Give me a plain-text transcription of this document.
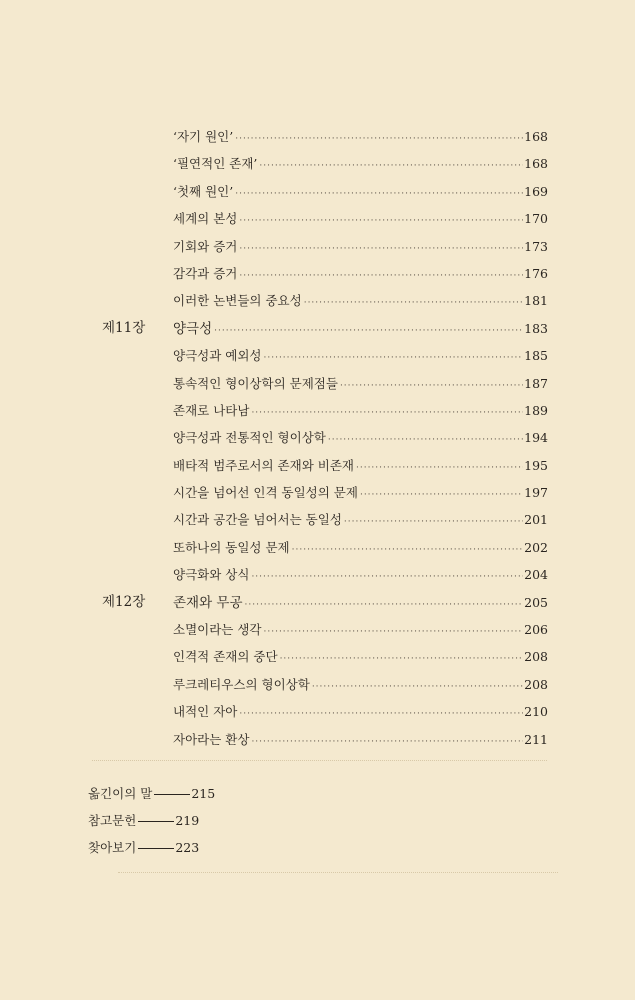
‘자기 원인’ ·····	168
‘필연적인 존재’ ·····	168
‘첫째 원인’ ·····	169
세계의 본성 ·····	170
기회와 증거 ·····	173
감각과 증거 ·····	176
이러한 논변들의 중요성 ·····	181
제11장 양극성 ·····	183
양극성과 예외성 ·····	185
통속적인 형이상학의 문제점들 ·····	187
존재로 나타남 ·····	189
양극성과 전통적인 형이상학 ·····	194
배타적 범주로서의 존재와 비존재 ·····	195
시간을 넘어선 인격 동일성의 문제 ·····	197
시간과 공간을 넘어서는 동일성 ·····	201
또하나의 동일성 문제 ·····	202
양극화와 상식 ·····	204
제12장 존재와 무공 ·····	205
소멸이라는 생각 ·····	206
인격적 존재의 중단 ·····	208
루크레티우스의 형이상학 ·····	208
내적인 자아 ·····	210
자아라는 환상 ·····	211
옮긴이의 말	215
참고문헌	219
찾아보기	223
